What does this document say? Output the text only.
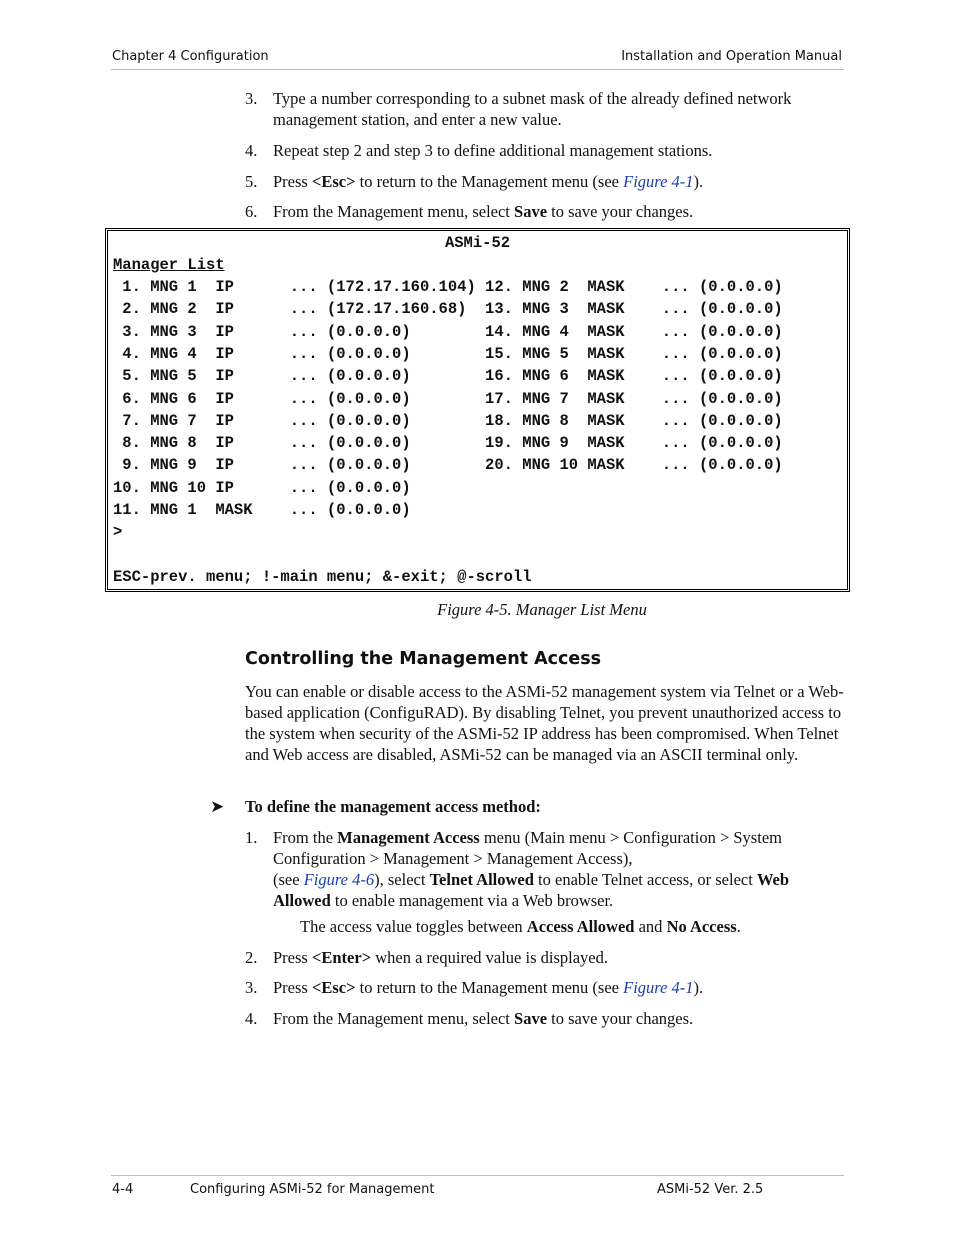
Chapter 4 Configuration	Installation and Operation Manual
3. Type a number corresponding to a subnet mask of the already defined network management station, and enter a new value.
4. Repeat step 2 and step 3 to define additional management stations.
5. Press <Esc> to return to the Management menu (see Figure 4-1).
6. From the Management menu, select Save to save your changes.
ASMi-52
Manager List
1. MNG 1  IP      ... (172.17.160.104) 12. MNG 2  MASK    ... (0.0.0.0)
2. MNG 2  IP      ... (172.17.160.68)  13. MNG 3  MASK    ... (0.0.0.0)
3. MNG 3  IP      ... (0.0.0.0)        14. MNG 4  MASK    ... (0.0.0.0)
4. MNG 4  IP      ... (0.0.0.0)        15. MNG 5  MASK    ... (0.0.0.0)
5. MNG 5  IP      ... (0.0.0.0)        16. MNG 6  MASK    ... (0.0.0.0)
6. MNG 6  IP      ... (0.0.0.0)        17. MNG 7  MASK    ... (0.0.0.0)
7. MNG 7  IP      ... (0.0.0.0)        18. MNG 8  MASK    ... (0.0.0.0)
8. MNG 8  IP      ... (0.0.0.0)        19. MNG 9  MASK    ... (0.0.0.0)
9. MNG 9  IP      ... (0.0.0.0)        20. MNG 10 MASK    ... (0.0.0.0)
10. MNG 10 IP      ... (0.0.0.0)
11. MNG 1  MASK    ... (0.0.0.0)
>
ESC-prev. menu; !-main menu; &-exit; @-scroll
Figure 4-5. Manager List Menu
Controlling the Management Access
You can enable or disable access to the ASMi-52 management system via Telnet or a Web-based application (ConfiguRAD). By disabling Telnet, you prevent unauthorized access to the system when security of the ASMi-52 IP address has been compromised. When Telnet and Web access are disabled, ASMi-52 can be managed via an ASCII terminal only.
➤ To define the management access method:
1. From the Management Access menu (Main menu > Configuration > System Configuration > Management > Management Access),
(see Figure 4-6), select Telnet Allowed to enable Telnet access, or select Web Allowed to enable management via a Web browser.
The access value toggles between Access Allowed and No Access.
2. Press <Enter> when a required value is displayed.
3. Press <Esc> to return to the Management menu (see Figure 4-1).
4. From the Management menu, select Save to save your changes.
4-4	Configuring ASMi-52 for Management	ASMi-52 Ver. 2.5
